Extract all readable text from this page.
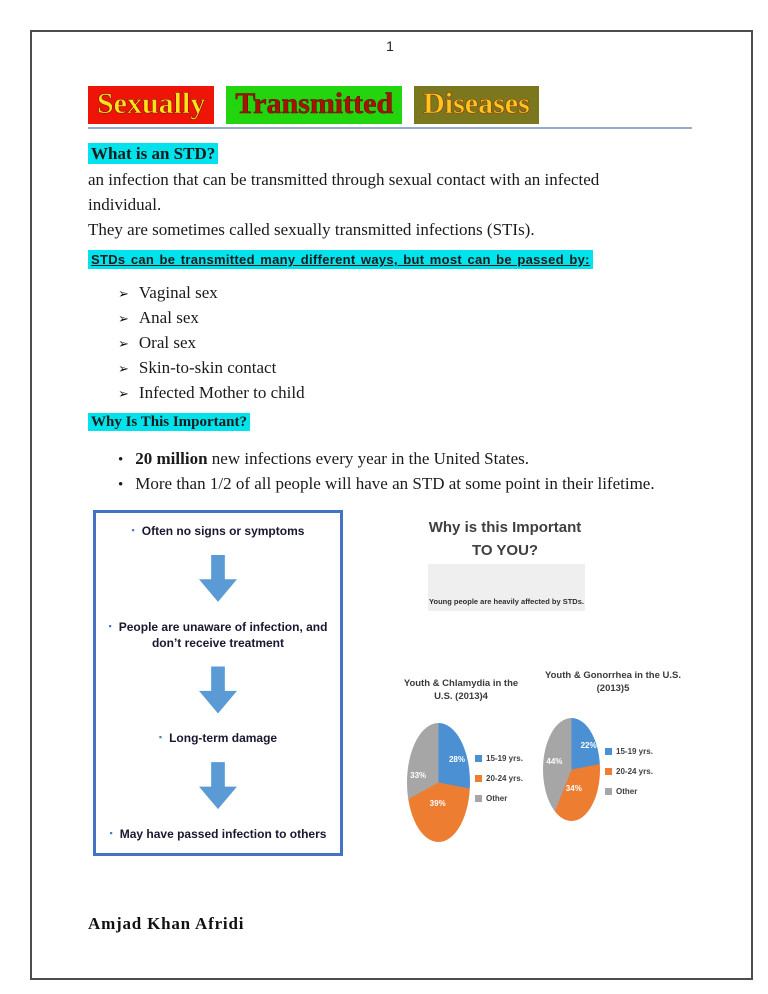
1
Sexually Transmitted Diseases
What is an STD?
an infection that can be transmitted through sexual contact with an infected individual.
They are sometimes called sexually transmitted infections (STIs).
STDs can be transmitted many different ways, but most can be passed by:
➢ Vaginal sex
➢ Anal sex
➢ Oral sex
➢ Skin-to-skin contact
➢ Infected Mother to child
Why Is This Important?
• 20 million new infections every year in the United States.
• More than 1/2 of all people will have an STD at some point in their lifetime.
▪ Often no signs or symptoms
▪ People are unaware of infection, and don’t receive treatment
▪ Long-term damage
▪ May have passed infection to others
Why is this Important
TO YOU?
Young people are heavily affected by STDs.
Youth & Chlamydia in the U.S. (2013)4
28%
39%
33%
15-19 yrs.
20-24 yrs.
Other
Youth & Gonorrhea in the U.S. (2013)5
22%
34%
44%
15-19 yrs.
20-24 yrs.
Other
Amjad Khan Afridi
